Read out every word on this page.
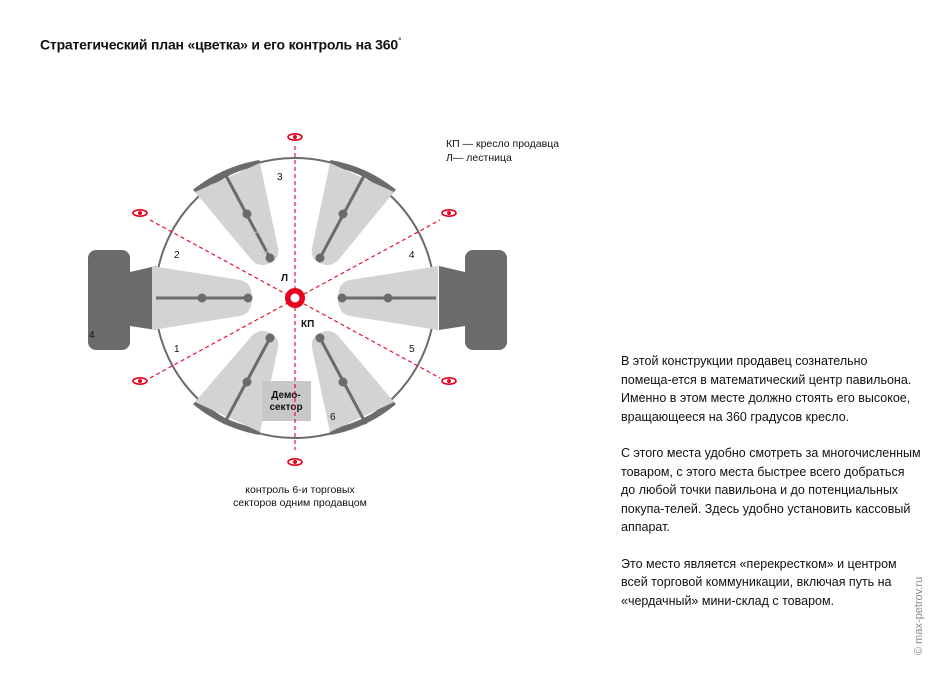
Стратегический план «цветка» и его контроль на 360°
Демо-
сектор
Л
КП
1
2
3
4
5
6
4
КП — кресло продавца
Л— лестница
контроль 6-и торговых
секторов одним продавцом

В этой конструкции продавец сознательно помеща-ется в математический центр павильона. Именно в этом месте должно стоять его высокое, вращающееся на 360 градусов кресло.

С этого места удобно смотреть за многочисленным товаром, с этого места быстрее всего добраться до любой точки павильона и до потенциальных покупа-телей. Здесь удобно установить кассовый аппарат.

Это место является «перекрестком» и центром всей торговой коммуникации, включая путь на «чердачный» мини-склад с товаром.	© max-petrov.ru
